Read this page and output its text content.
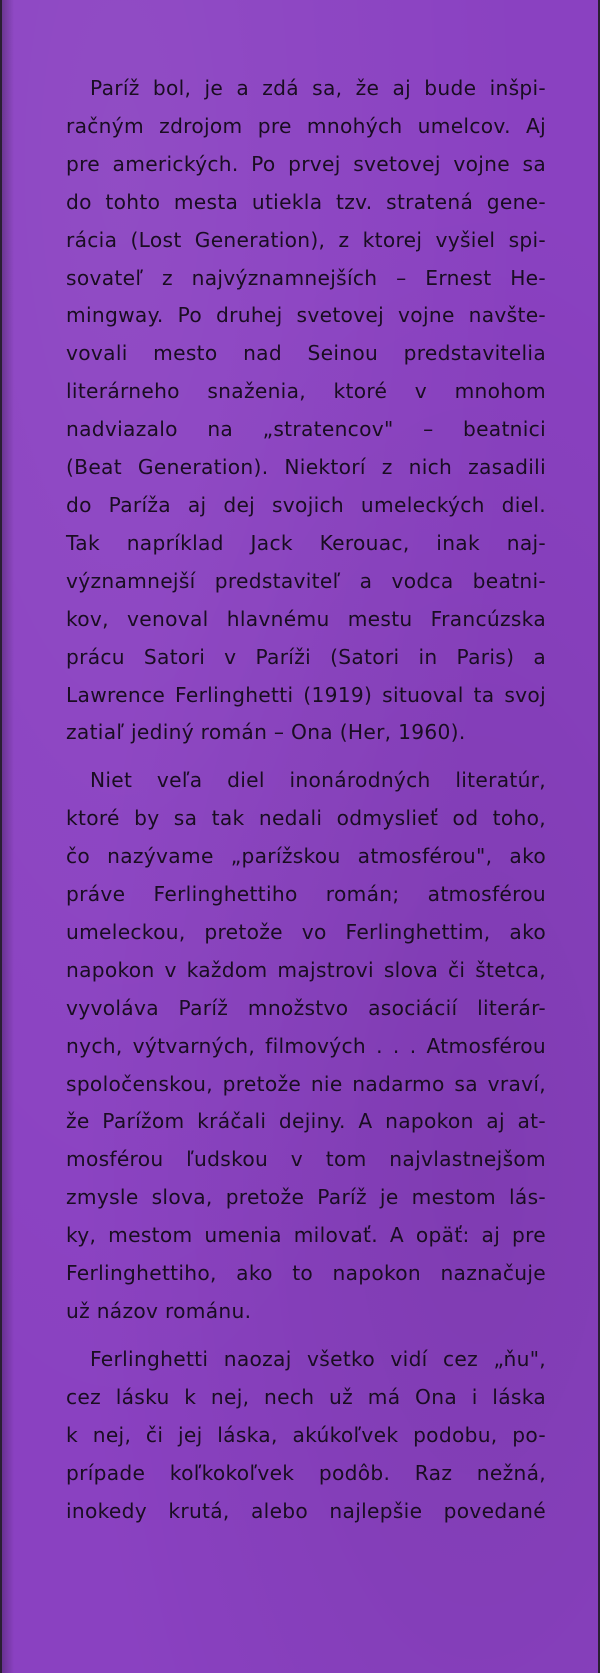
Paríž bol, je a zdá sa, že aj bude inšpi-
račným zdrojom pre mnohých umelcov. Aj
pre amerických. Po prvej svetovej vojne sa
do tohto mesta utiekla tzv. stratená gene-
rácia (Lost Generation), z ktorej vyšiel spi-
sovateľ z najvýznamnejších – Ernest He-
mingway. Po druhej svetovej vojne navšte-
vovali mesto nad Seinou predstavitelia
literárneho snaženia, ktoré v mnohom
nadviazalo na „stratencov" – beatnici
(Beat Generation). Niektorí z nich zasadili
do Paríža aj dej svojich umeleckých diel.
Tak napríklad Jack Kerouac, inak naj-
významnejší predstaviteľ a vodca beatni-
kov, venoval hlavnému mestu Francúzska
prácu Satori v Paríži (Satori in Paris) a
Lawrence Ferlinghetti (1919) situoval ta svoj
zatiaľ jediný román – Ona (Her, 1960).
Niet veľa diel inonárodných literatúr,
ktoré by sa tak nedali odmyslieť od toho,
čo nazývame „parížskou atmosférou", ako
práve Ferlinghettiho román; atmosférou
umeleckou, pretože vo Ferlinghettim, ako
napokon v každom majstrovi slova či štetca,
vyvoláva Paríž množstvo asociácií literár-
nych, výtvarných, filmových . . . Atmosférou
spoločenskou, pretože nie nadarmo sa vraví,
že Parížom kráčali dejiny. A napokon aj at-
mosférou ľudskou v tom najvlastnejšom
zmysle slova, pretože Paríž je mestom lás-
ky, mestom umenia milovať. A opäť: aj pre
Ferlinghettiho, ako to napokon naznačuje
už názov románu.
Ferlinghetti naozaj všetko vidí cez „ňu",
cez lásku k nej, nech už má Ona i láska
k nej, či jej láska, akúkoľvek podobu, po-
prípade koľkokoľvek podôb. Raz nežná,
inokedy krutá, alebo najlepšie povedané
